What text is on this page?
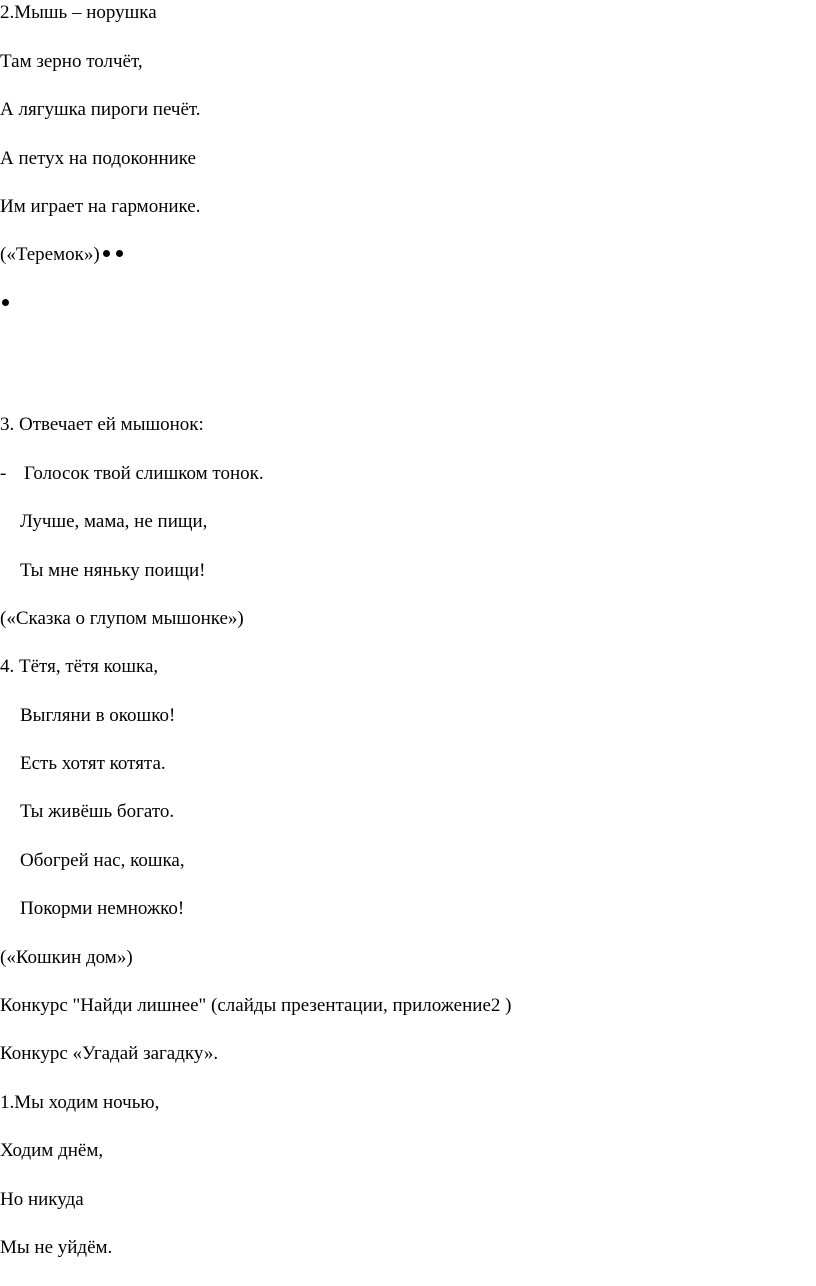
2.Мышь – норушка
Там зерно толчёт,
А лягушка пироги печёт.
А петух на подоконнике
Им играет на гармонике.
(«Теремок»)
3. Отвечает ей мышонок:
- Голосок твой слишком тонок.
Лучше, мама, не пищи,
Ты мне няньку поищи!
(«Сказка о глупом мышонке»)
4. Тётя, тётя кошка,
Выгляни в окошко!
Есть хотят котята.
Ты живёшь богато.
Обогрей нас, кошка,
Покорми немножко!
(«Кошкин дом»)
Конкурс "Найди лишнее" (слайды презентации, приложение2 )
Конкурс «Угадай загадку».
1.Мы ходим ночью,
Ходим днём,
Но никуда
Мы не уйдём.
